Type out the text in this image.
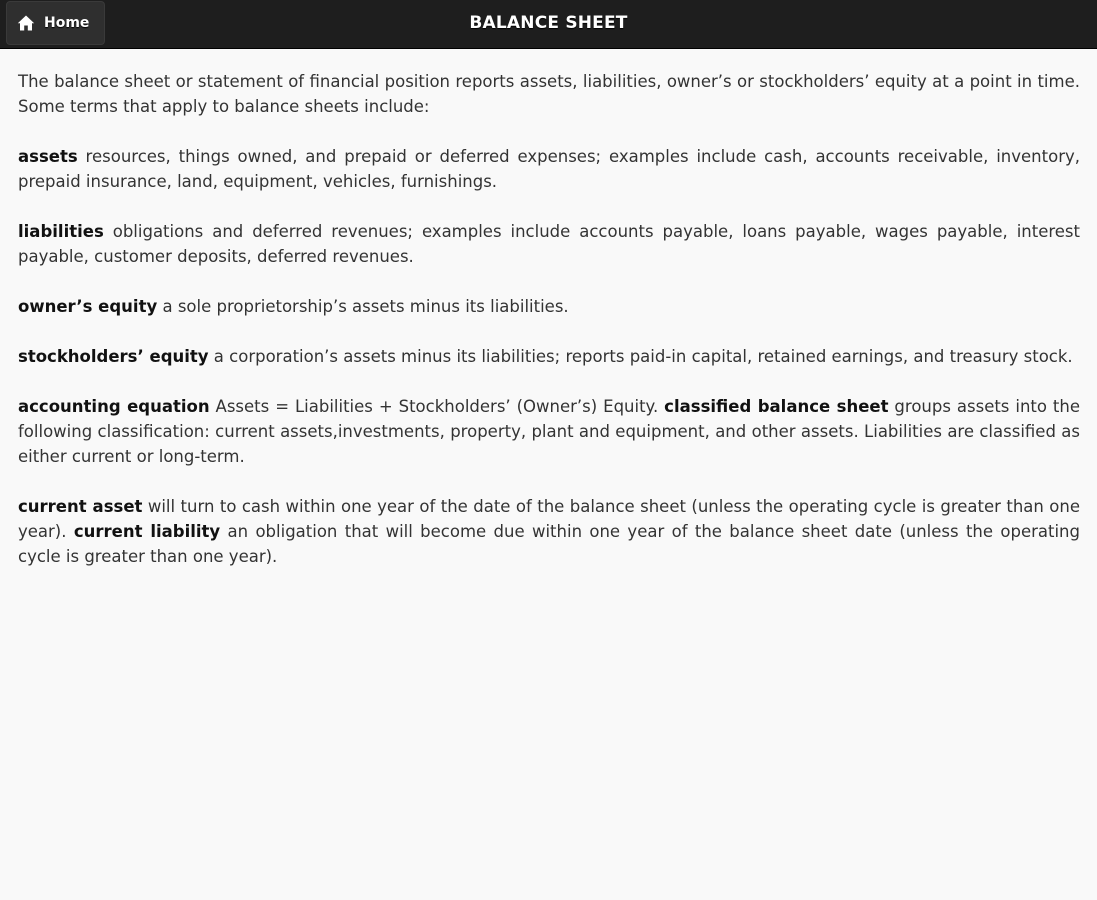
Home	BALANCE SHEET

The balance sheet or statement of financial position reports assets, liabilities, owner’s or stockholders’ equity at a point in time. Some terms that apply to balance sheets include:

assets resources, things owned, and prepaid or deferred expenses; examples include cash, accounts receivable, inventory, prepaid insurance, land, equipment, vehicles, furnishings.

liabilities obligations and deferred revenues; examples include accounts payable, loans payable, wages payable, interest payable, customer deposits, deferred revenues.

owner’s equity a sole proprietorship’s assets minus its liabilities.

stockholders’ equity a corporation’s assets minus its liabilities; reports paid-in capital, retained earnings, and treasury stock.

accounting equation Assets = Liabilities + Stockholders’ (Owner’s) Equity. classified balance sheet groups assets into the following classification: current assets,investments, property, plant and equipment, and other assets. Liabilities are classified as either current or long-term.

current asset will turn to cash within one year of the date of the balance sheet (unless the operating cycle is greater than one year). current liability an obligation that will become due within one year of the balance sheet date (unless the operating cycle is greater than one year).
